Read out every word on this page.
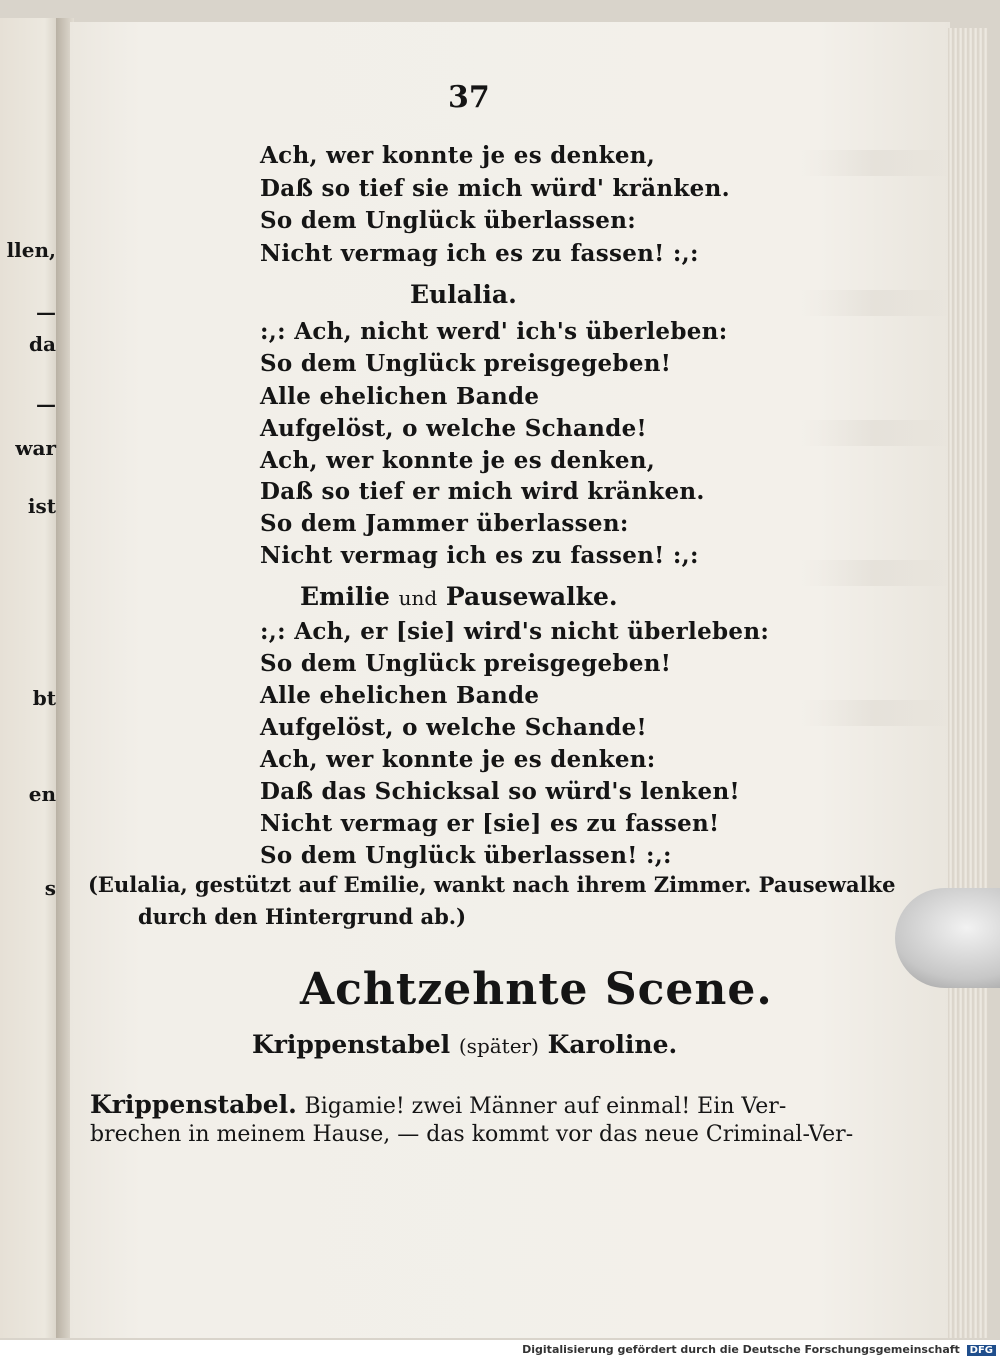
llen,
—
da
—
war
ist
bt
en
s
37
Ach, wer konnte je es denken,
Daß so tief sie mich würd' kränken.
So dem Unglück überlassen:
Nicht vermag ich es zu fassen! :,:
Eulalia.
:,: Ach, nicht werd' ich's überleben:
So dem Unglück preisgegeben!
Alle ehelichen Bande
Aufgelöst, o welche Schande!
Ach, wer konnte je es denken,
Daß so tief er mich wird kränken.
So dem Jammer überlassen:
Nicht vermag ich es zu fassen! :,:
Emilie und Pausewalke.
:,: Ach, er [sie] wird's nicht überleben:
So dem Unglück preisgegeben!
Alle ehelichen Bande
Aufgelöst, o welche Schande!
Ach, wer konnte je es denken:
Daß das Schicksal so würd's lenken!
Nicht vermag er [sie] es zu fassen!
So dem Unglück überlassen! :,:
(Eulalia, gestützt auf Emilie, wankt nach ihrem Zimmer. Pausewalke
durch den Hintergrund ab.)
Achtzehnte Scene.
Krippenstabel (später) Karoline.
Krippenstabel. Bigamie! zwei Männer auf einmal! Ein Ver-
brechen in meinem Hause, — das kommt vor das neue Criminal-Ver-
Digitalisierung gefördert durch die Deutsche Forschungsgemeinschaft DFG
